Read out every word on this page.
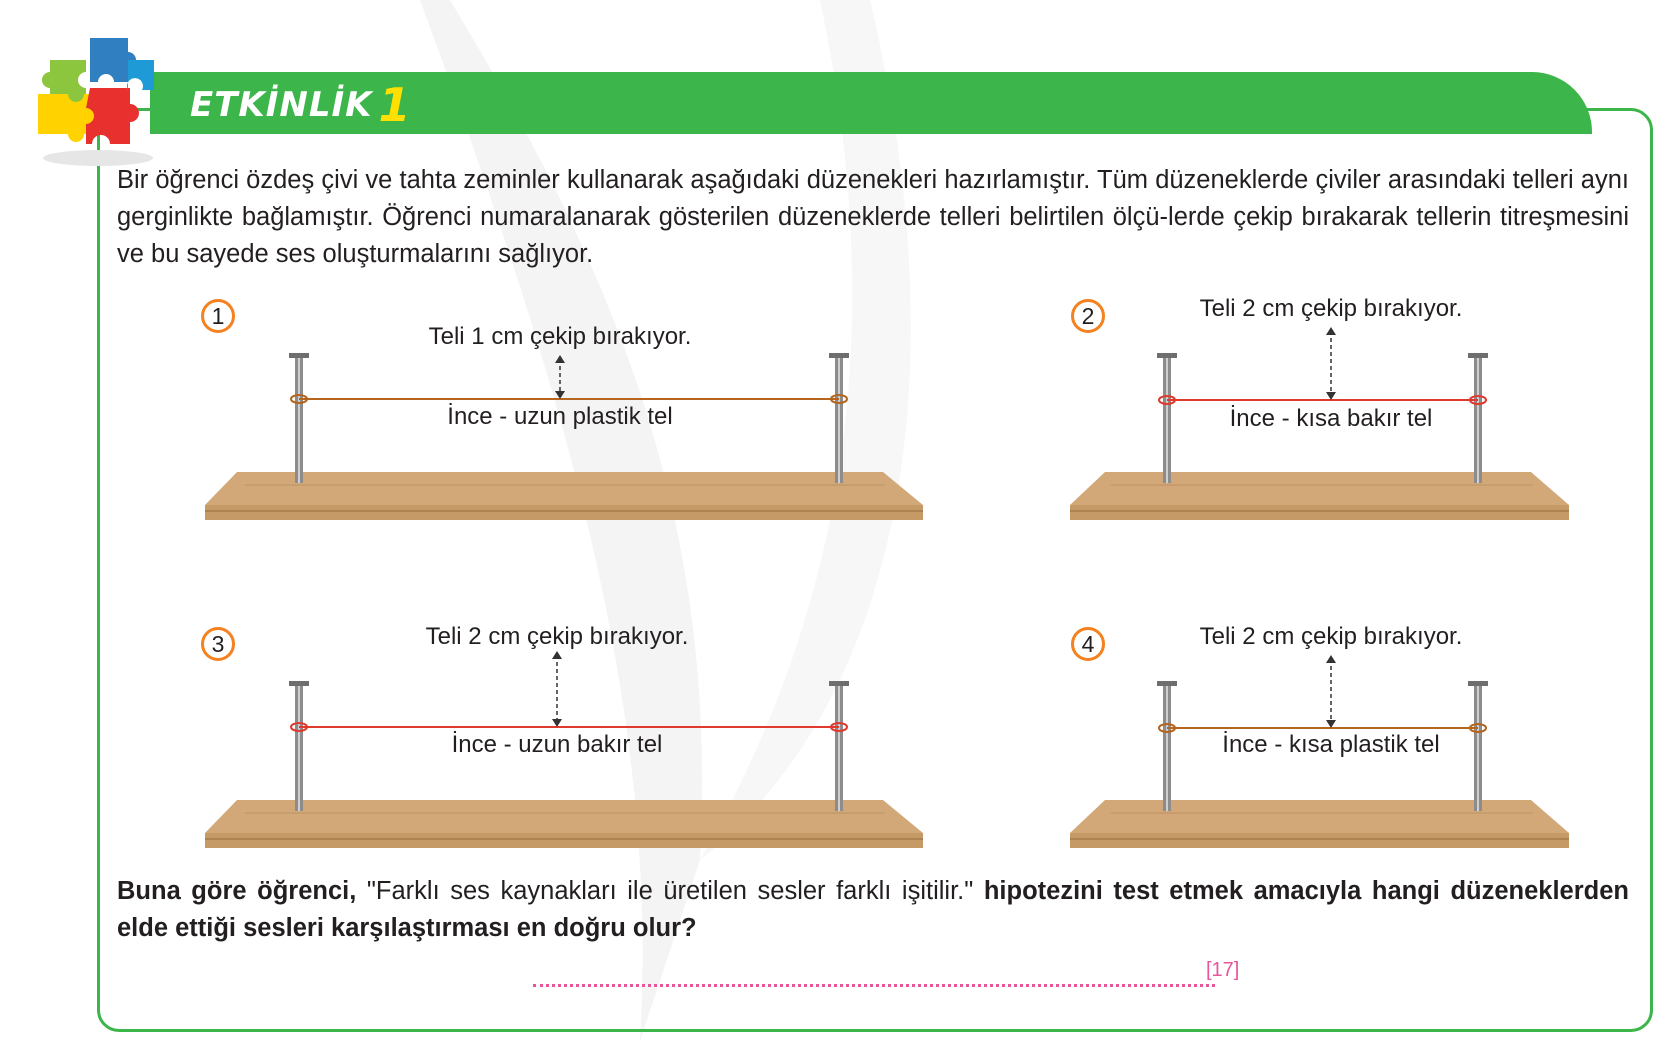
ETKİNLİK 1

Bir öğrenci özdeş çivi ve tahta zeminler kullanarak aşağıdaki düzenekleri hazırlamıştır. Tüm düzeneklerde çiviler arasındaki telleri aynı gerginlikte bağlamıştır. Öğrenci numaralanarak gösterilen düzeneklerde telleri belirtilen ölçü-lerde çekip bırakarak tellerin titreşmesini ve bu sayede ses oluşturmalarını sağlıyor.

1
Teli 1 cm çekip bırakıyor.
İnce - uzun plastik tel
2	Teli 2 cm çekip bırakıyor.
İnce - kısa bakır tel
3	Teli 2 cm çekip bırakıyor.
İnce - uzun bakır tel
4	Teli 2 cm çekip bırakıyor.
İnce - kısa plastik tel

Buna göre öğrenci, "Farklı ses kaynakları ile üretilen sesler farklı işitilir." hipotezini test etmek amacıyla hangi düzeneklerden elde ettiği sesleri karşılaştırması en doğru olur?

[17]
